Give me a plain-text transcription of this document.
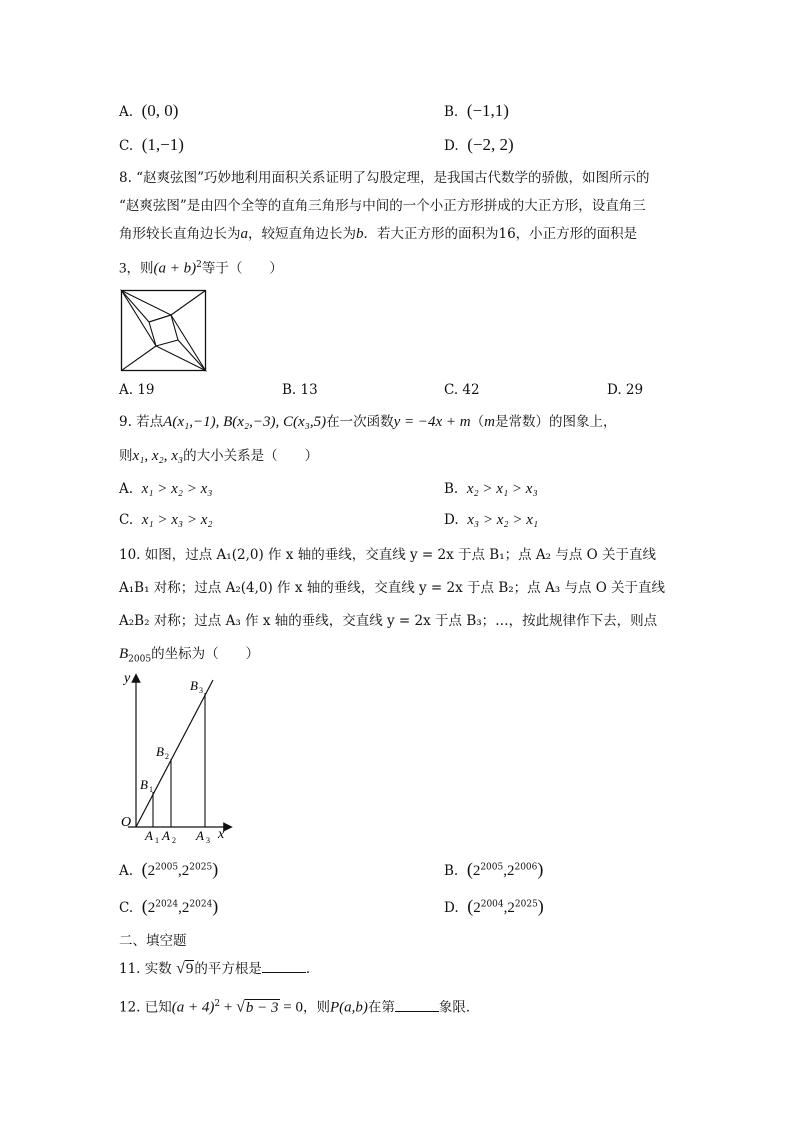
A. (0, 0)	B. (−1,1)
C. (1,−1)	D. (−2, 2)
8. “赵爽弦图”巧妙地利用面积关系证明了勾股定理，是我国古代数学的骄傲，如图所示的
“赵爽弦图”是由四个全等的直角三角形与中间的一个小正方形拼成的大正方形，设直角三
角形较长直角边长为a，较短直角边长为b．若大正方形的面积为16，小正方形的面积是
3，则$(a + b)^2$等于（　　）
A. 19	B. 13	C. 42	D. 29
9. 若点A(x₁,−1), B(x₂,−3), C(x₃,5)在一次函数y = −4x + m（m是常数）的图象上，
则x₁, x₂, x₃的大小关系是（　　）
A. x₁ > x₂ > x₃	B. x₂ > x₁ > x₃
C. x₁ > x₃ > x₂	D. x₃ > x₂ > x₁
10. 如图，过点 A₁(2,0) 作 x 轴的垂线，交直线 y = 2x 于点 B₁；点 A₂ 与点 O 关于直线
A₁B₁ 对称；过点 A₂(4,0) 作 x 轴的垂线，交直线 y = 2x 于点 B₂；点 A₃ 与点 O 关于直线
A₂B₂ 对称；过点 A₃ 作 x 轴的垂线，交直线 y = 2x 于点 B₃；…，按此规律作下去，则点
$B_{2005}$的坐标为（　　）
y
x
O
A 1 A 2 A 3
B 1
B 2
B 3
A. $(2^{2005},2^{2025})$	B. $(2^{2005},2^{2006})$
C. $(2^{2024},2^{2024})$	D. $(2^{2004},2^{2025})$
二、填空题
11. 实数 √9的平方根是	．
12. 已知$(a + 4)^2 + √b - 3 = 0$，则P(a,b)在第	象限．
